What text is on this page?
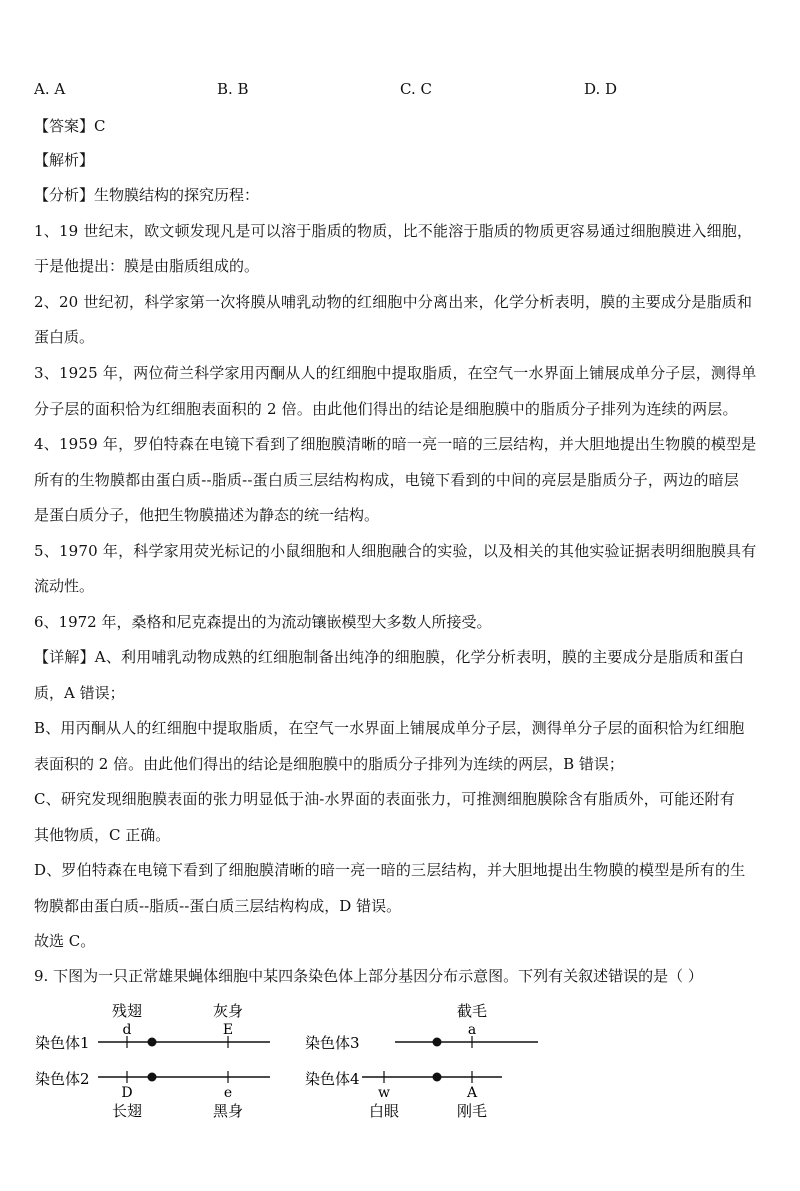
A. A	B. B	C. C	D. D
【答案】C
【解析】
【分析】生物膜结构的探究历程：
1、19 世纪末，欧文顿发现凡是可以溶于脂质的物质，比不能溶于脂质的物质更容易通过细胞膜进入细胞，
于是他提出：膜是由脂质组成的。
2、20 世纪初，科学家第一次将膜从哺乳动物的红细胞中分离出来，化学分析表明，膜的主要成分是脂质和
蛋白质。
3、1925 年，两位荷兰科学家用丙酮从人的红细胞中提取脂质，在空气一水界面上铺展成单分子层，测得单
分子层的面积恰为红细胞表面积的 2 倍。由此他们得出的结论是细胞膜中的脂质分子排列为连续的两层。
4、1959 年，罗伯特森在电镜下看到了细胞膜清晰的暗一亮一暗的三层结构，并大胆地提出生物膜的模型是
所有的生物膜都由蛋白质--脂质--蛋白质三层结构构成，电镜下看到的中间的亮层是脂质分子，两边的暗层
是蛋白质分子，他把生物膜描述为静态的统一结构。
5、1970 年，科学家用荧光标记的小鼠细胞和人细胞融合的实验，以及相关的其他实验证据表明细胞膜具有
流动性。
6、1972 年，桑格和尼克森提出的为流动镶嵌模型大多数人所接受。
【详解】A、利用哺乳动物成熟的红细胞制备出纯净的细胞膜，化学分析表明，膜的主要成分是脂质和蛋白
质，A 错误；
B、用丙酮从人的红细胞中提取脂质，在空气一水界面上铺展成单分子层，测得单分子层的面积恰为红细胞
表面积的 2 倍。由此他们得出的结论是细胞膜中的脂质分子排列为连续的两层，B 错误；
C、研究发现细胞膜表面的张力明显低于油-水界面的表面张力，可推测细胞膜除含有脂质外，可能还附有
其他物质，C 正确。
D、罗伯特森在电镜下看到了细胞膜清晰的暗一亮一暗的三层结构，并大胆地提出生物膜的模型是所有的生
物膜都由蛋白质--脂质--蛋白质三层结构构成，D 错误。
故选 C。
9. 下图为一只正常雄果蝇体细胞中某四条染色体上部分基因分布示意图。下列有关叙述错误的是（ ）
染色体1
残翅	灰身
d	E
染色体2
D	e
长翅	黑身
染色体3
截毛
a
染色体4
w	A
白眼	刚毛
